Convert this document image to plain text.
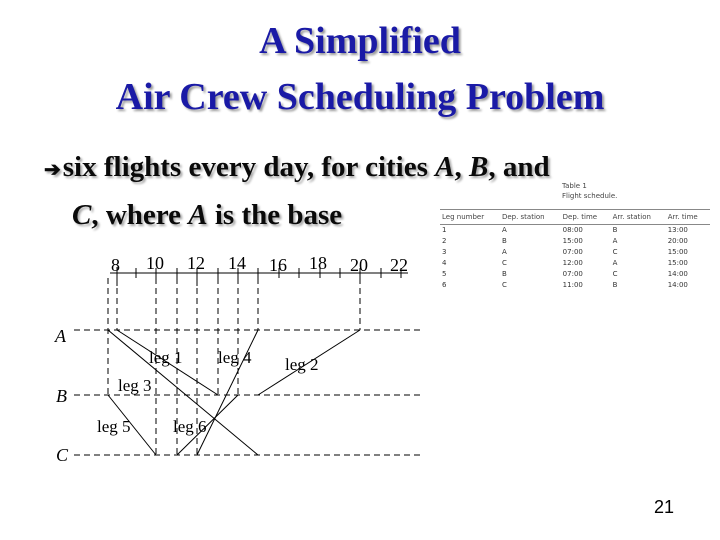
A Simplified
Air Crew Scheduling Problem
➔six flights every day, for cities A, B, and
C, where A is the base
8 10 12 14 16 18 20 22
A
B
C
leg 1	leg 2
leg 3
leg 4
leg 5 leg 6
Table 1
Flight schedule.
Leg number	Dep. station	Dep. time	Arr. station	Arr. time
1	A	08:00	B	13:00
2	B	15:00	A	20:00
3	A	07:00	C	15:00
4	C	12:00	A	15:00
5	B	07:00	C	14:00
6	C	11:00	B	14:00
21
